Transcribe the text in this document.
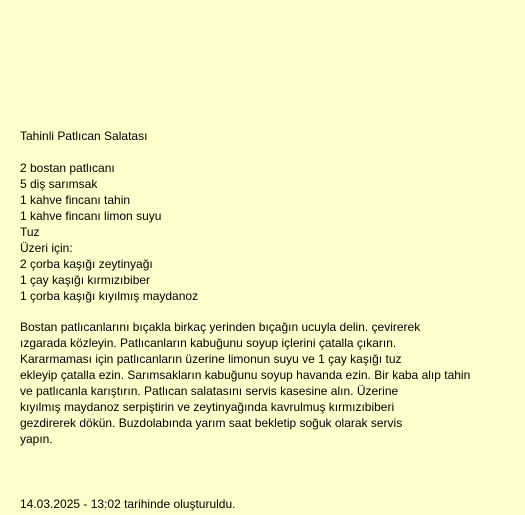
Tahinli Patlıcan Salatası
2 bostan patlıcanı
5 diş sarımsak
1 kahve fincanı tahin
1 kahve fincanı limon suyu
Tuz
Üzeri için:
2 çorba kaşığı zeytinyağı
1 çay kaşığı kırmızıbiber
1 çorba kaşığı kıyılmış maydanoz
Bostan patlıcanlarını bıçakla birkaç yerinden bıçağın ucuyla delin. çevirerek
ızgarada közleyin. Patlıcanların kabuğunu soyup içlerini çatalla çıkarın.
Kararmaması için patlıcanların üzerine limonun suyu ve 1 çay kaşığı tuz
ekleyip çatalla ezin. Sarımsakların kabuğunu soyup havanda ezin. Bir kaba alıp tahin
ve patlıcanla karıştırın. Patlıcan salatasını servis kasesine alın. Üzerine
kıyılmış maydanoz serpiştirin ve zeytinyağında kavrulmuş kırmızıbiberi
gezdirerek dökün. Buzdolabında yarım saat bekletip soğuk olarak servis
yapın.
14.03.2025 - 13:02 tarihinde oluşturuldu.
